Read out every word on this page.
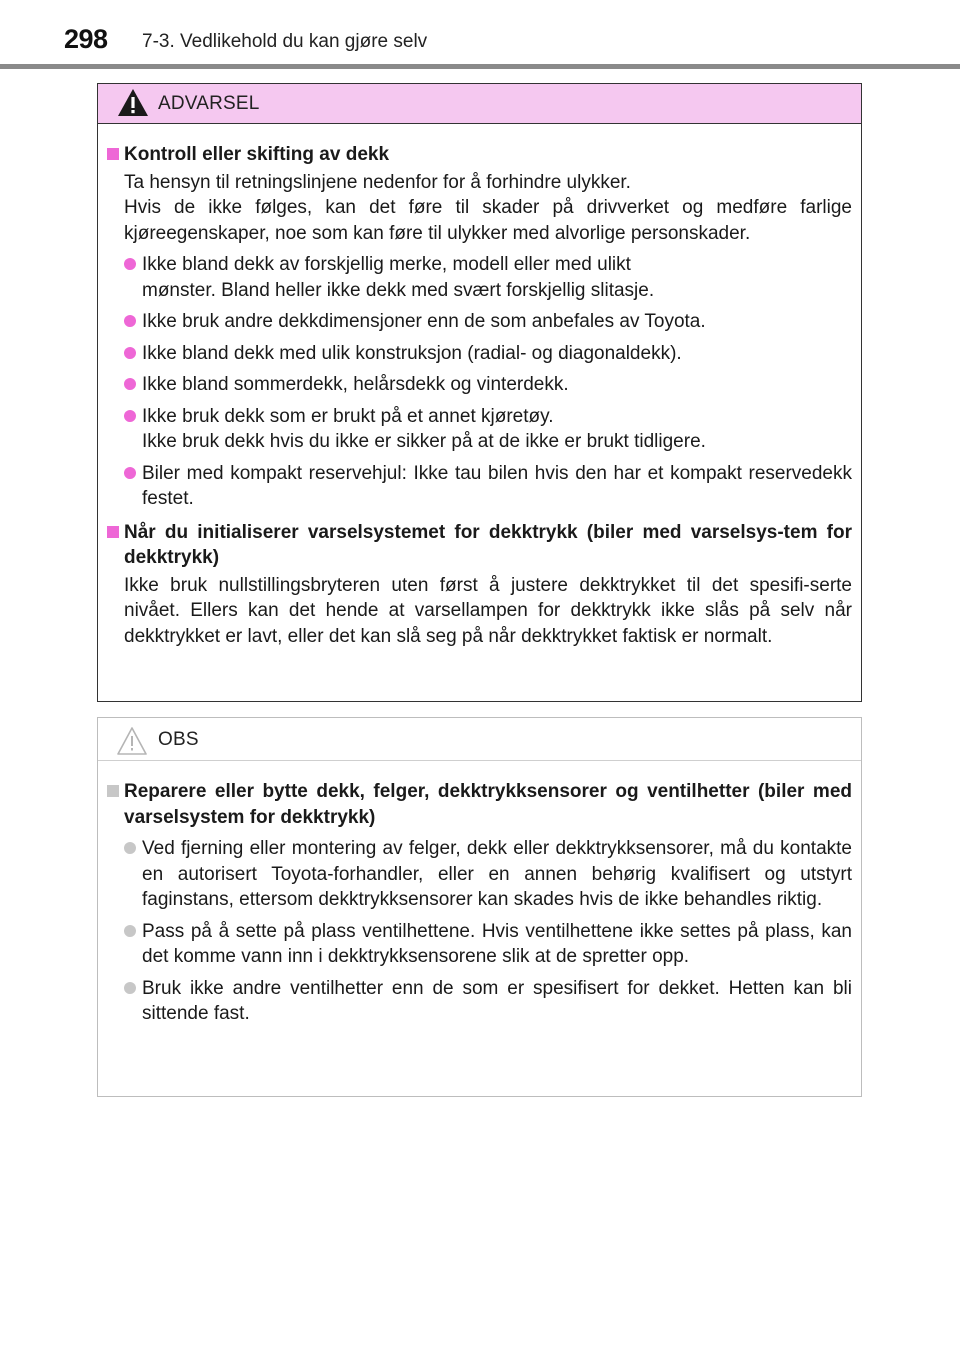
298 7-3. Vedlikehold du kan gjøre selv
ADVARSEL
Kontroll eller skifting av dekk
Ta hensyn til retningslinjene nedenfor for å forhindre ulykker.
Hvis de ikke følges, kan det føre til skader på drivverket og medføre farlige kjøreegenskaper, noe som kan føre til ulykker med alvorlige personskader.
Ikke bland dekk av forskjellig merke, modell eller med ulikt
mønster. Bland heller ikke dekk med svært forskjellig slitasje.
Ikke bruk andre dekkdimensjoner enn de som anbefales av Toyota.
Ikke bland dekk med ulik konstruksjon (radial- og diagonaldekk).
Ikke bland sommerdekk, helårsdekk og vinterdekk.
Ikke bruk dekk som er brukt på et annet kjøretøy.
Ikke bruk dekk hvis du ikke er sikker på at de ikke er brukt tidligere.
Biler med kompakt reservehjul: Ikke tau bilen hvis den har et kompakt reservedekk festet.
Når du initialiserer varselsystemet for dekktrykk (biler med varselsys-tem for dekktrykk)
Ikke bruk nullstillingsbryteren uten først å justere dekktrykket til det spesifi-serte nivået. Ellers kan det hende at varsellampen for dekktrykk ikke slås på selv når dekktrykket er lavt, eller det kan slå seg på når dekktrykket faktisk er normalt.
OBS
Reparere eller bytte dekk, felger, dekktrykksensorer og ventilhetter (biler med varselsystem for dekktrykk)
Ved fjerning eller montering av felger, dekk eller dekktrykksensorer, må du kontakte en autorisert Toyota-forhandler, eller en annen behørig kvalifisert og utstyrt faginstans, ettersom dekktrykksensorer kan skades hvis de ikke behandles riktig.
Pass på å sette på plass ventilhettene. Hvis ventilhettene ikke settes på plass, kan det komme vann inn i dekktrykksensorene slik at de spretter opp.
Bruk ikke andre ventilhetter enn de som er spesifisert for dekket. Hetten kan bli sittende fast.
